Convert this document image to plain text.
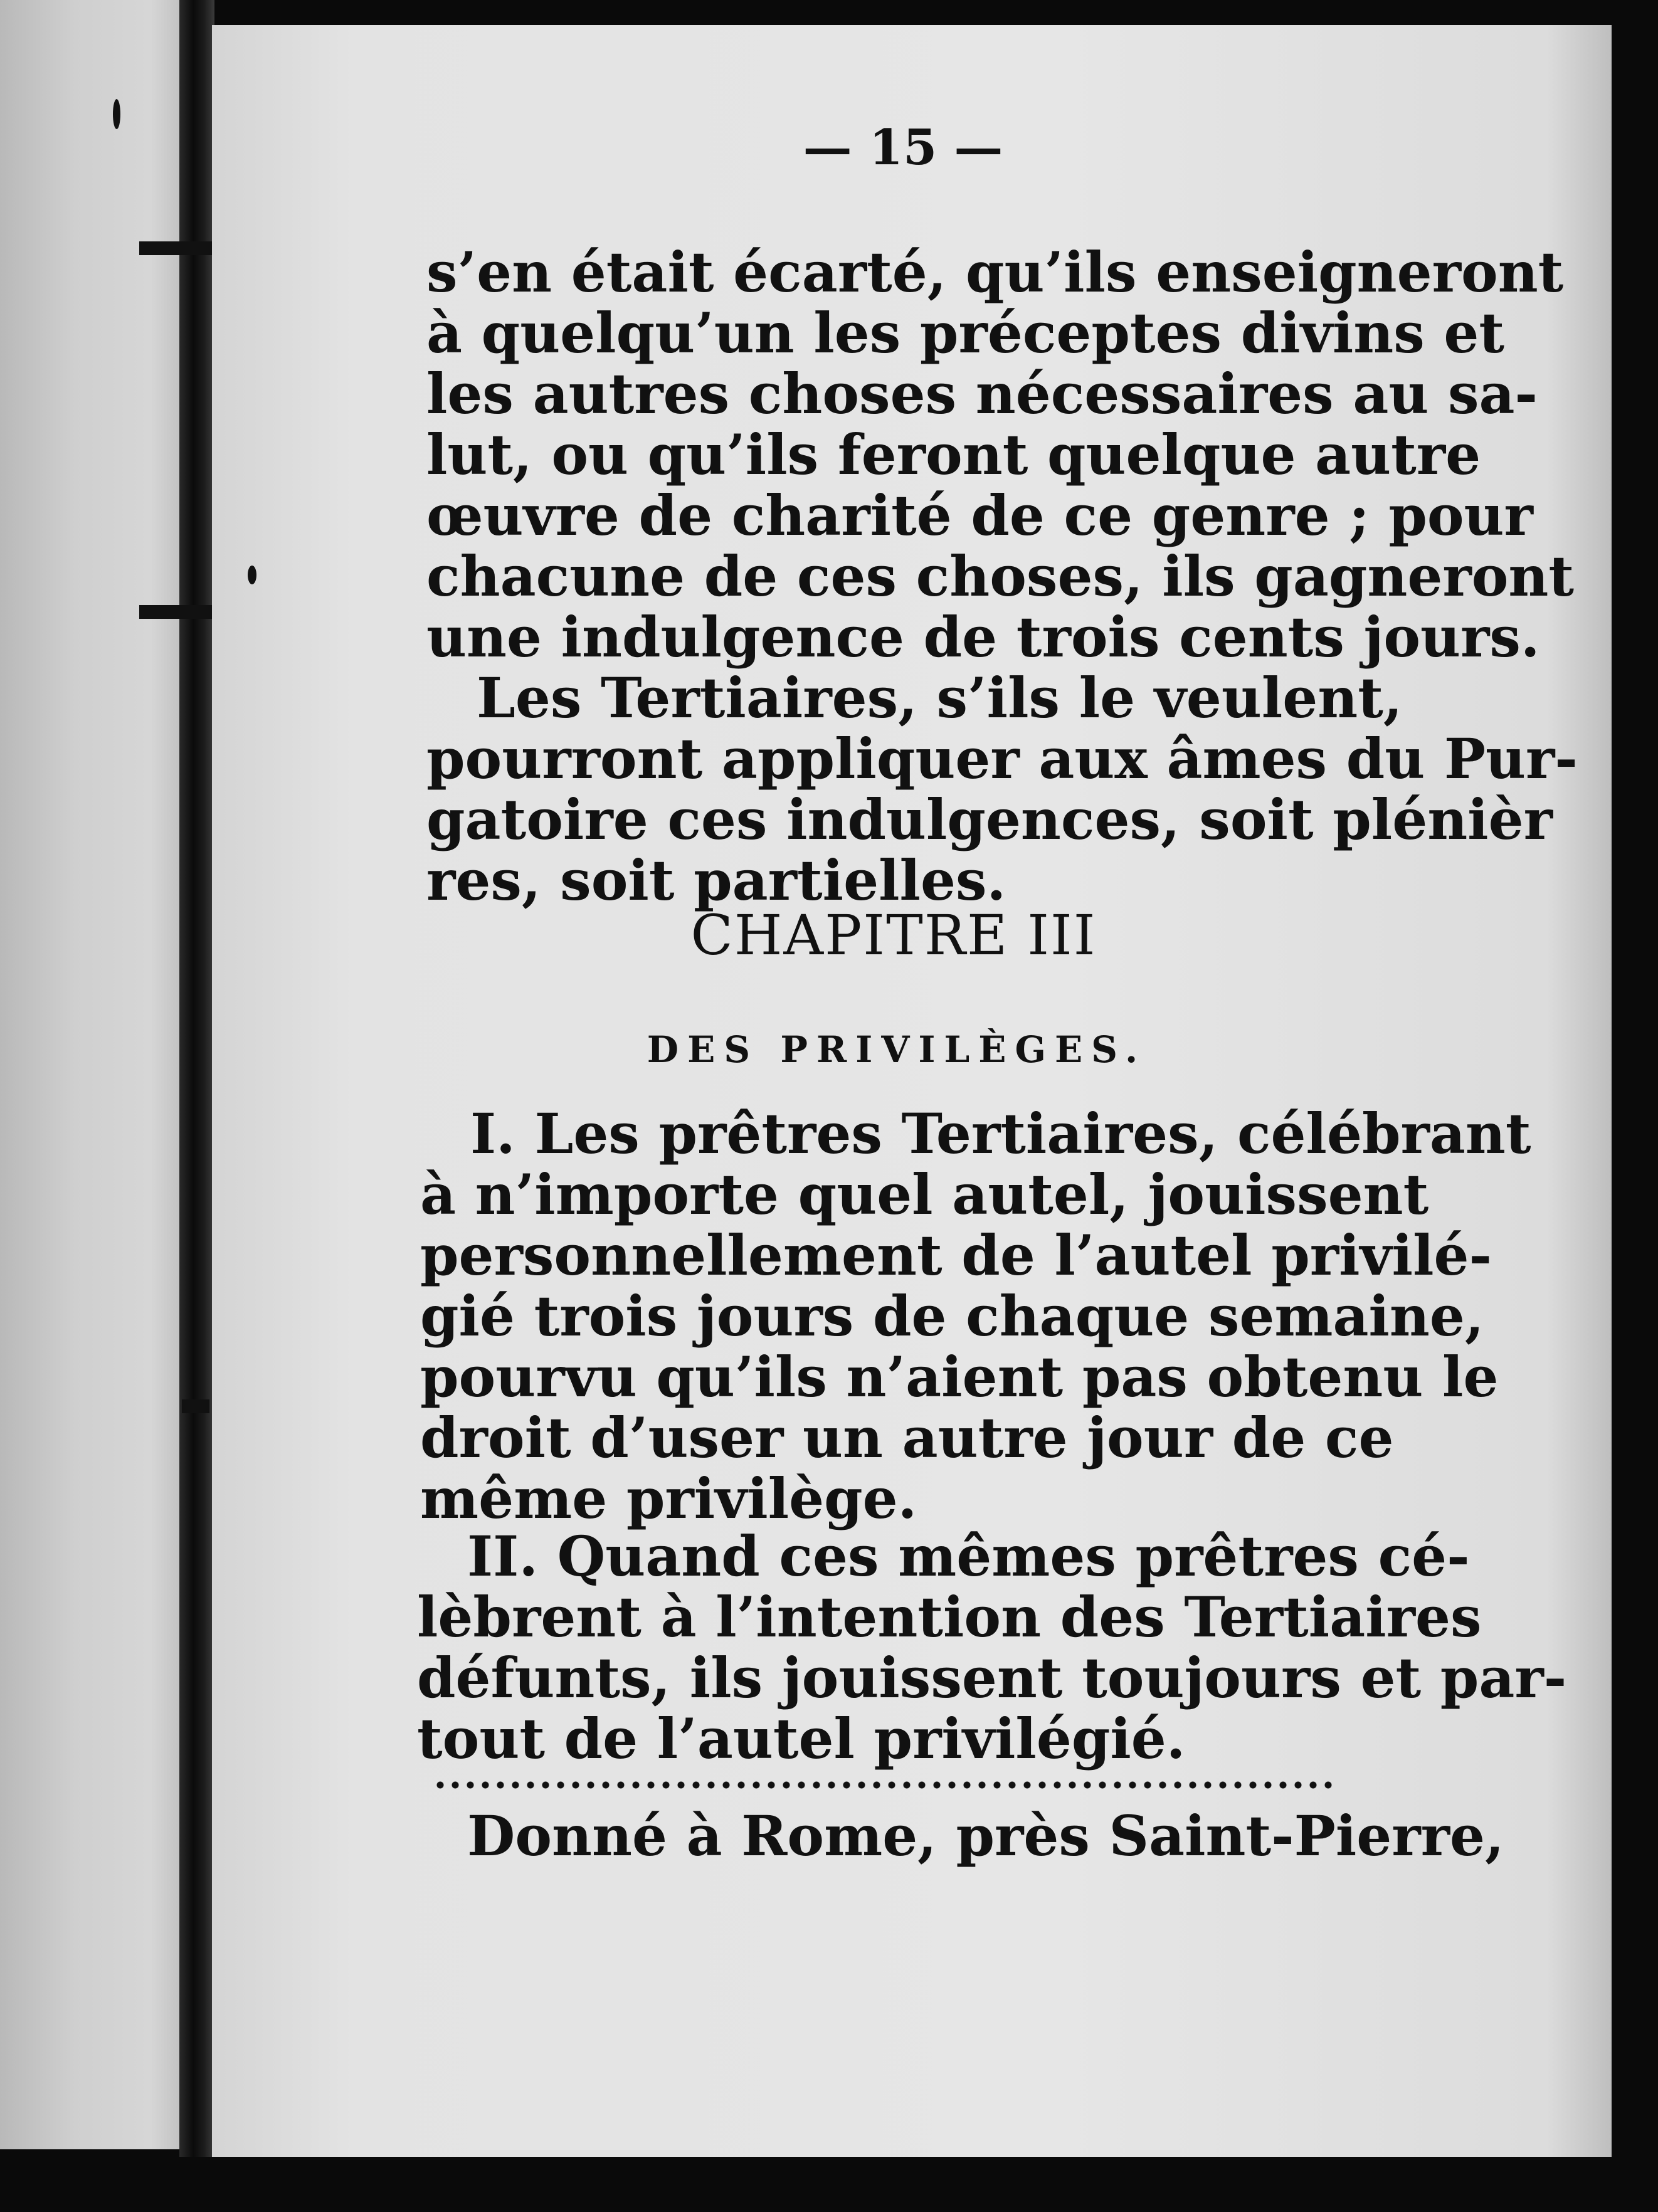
— 15 —
s’en était écarté, qu’ils enseigneront
à quelqu’un les préceptes divins et
les autres choses nécessaires au sa-
lut, ou qu’ils feront quelque autre
œuvre de charité de ce genre ; pour
chacune de ces choses, ils gagneront
une indulgence de trois cents jours.
Les Tertiaires, s’ils le veulent,
pourront appliquer aux âmes du Pur-
gatoire ces indulgences, soit plénièr
res, soit partielles.
CHAPITRE III
DES PRIVILÈGES.
I. Les prêtres Tertiaires, célébrant
à n’importe quel autel, jouissent
personnellement de l’autel privilé-
gié trois jours de chaque semaine,
pourvu qu’ils n’aient pas obtenu le
droit d’user un autre jour de ce
même privilège.
II. Quand ces mêmes prêtres cé-
lèbrent à l’intention des Tertiaires
défunts, ils jouissent toujours et par-
tout de l’autel privilégié.
Donné à Rome, près Saint-Pierre,
